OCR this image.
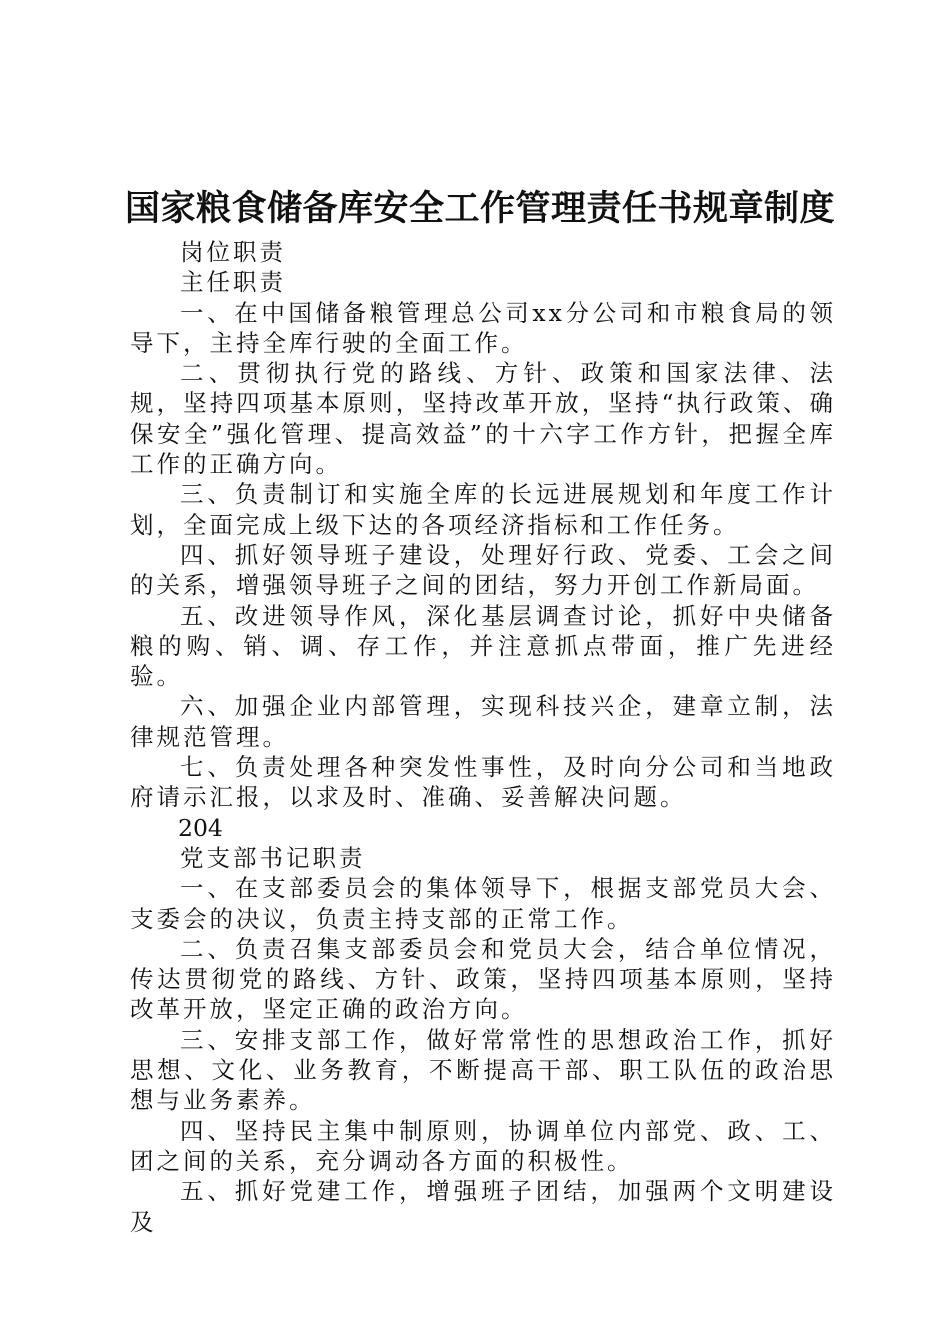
国家粮食储备库安全工作管理责任书规章制度

岗位职责

主任职责

一、在中国储备粮管理总公司xx分公司和市粮食局的领导下，主持全库行驶的全面工作。

二、贯彻执行党的路线、方针、政策和国家法律、法规，坚持四项基本原则，坚持改革开放，坚持“执行政策、确保安全”强化管理、提高效益”的十六字工作方针，把握全库工作的正确方向。

三、负责制订和实施全库的长远进展规划和年度工作计划，全面完成上级下达的各项经济指标和工作任务。

四、抓好领导班子建设，处理好行政、党委、工会之间的关系，增强领导班子之间的团结，努力开创工作新局面。

五、改进领导作风，深化基层调查讨论，抓好中央储备粮的购、销、调、存工作，并注意抓点带面，推广先进经验。

六、加强企业内部管理，实现科技兴企，建章立制，法律规范管理。

七、负责处理各种突发性事性，及时向分公司和当地政府请示汇报，以求及时、准确、妥善解决问题。

204

党支部书记职责

一、在支部委员会的集体领导下，根据支部党员大会、支委会的决议，负责主持支部的正常工作。

二、负责召集支部委员会和党员大会，结合单位情况，传达贯彻党的路线、方针、政策，坚持四项基本原则，坚持改革开放，坚定正确的政治方向。

三、安排支部工作，做好常常性的思想政治工作，抓好思想、文化、业务教育，不断提高干部、职工队伍的政治思想与业务素养。

四、坚持民主集中制原则，协调单位内部党、政、工、团之间的关系，充分调动各方面的积极性。

五、抓好党建工作，增强班子团结，加强两个文明建设及
